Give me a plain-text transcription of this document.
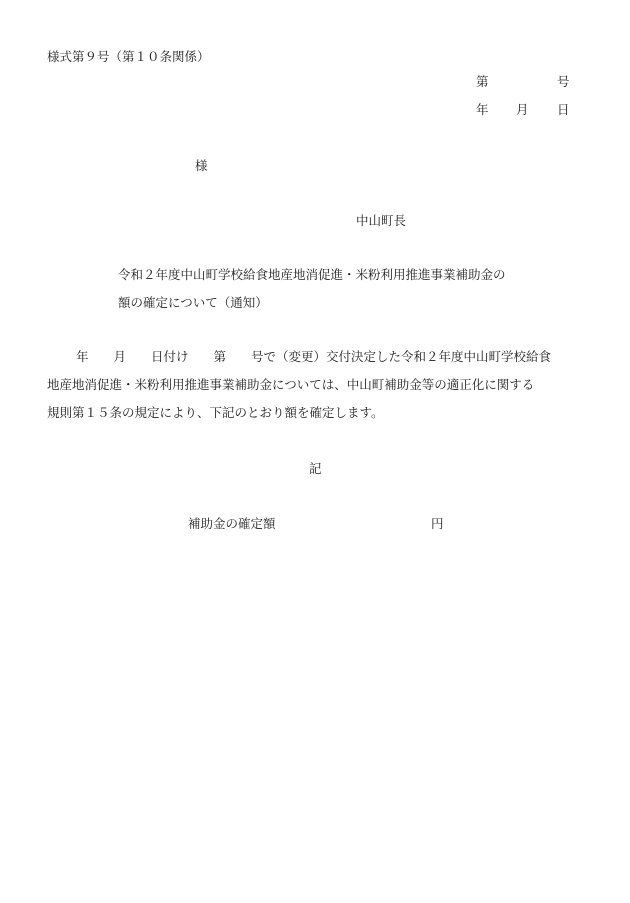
様式第９号（第１０条関係）
第	号
年 月 日
様
中山町長
令和２年度中山町学校給食地産地消促進・米粉利用推進事業補助金の
額の確定について（通知）
年　　月　　日付け　　第　　号で（変更）交付決定した令和２年度中山町学校給食
地産地消促進・米粉利用推進事業補助金については、中山町補助金等の適正化に関する
規則第１５条の規定により、下記のとおり額を確定します。
記
補助金の確定額	円
